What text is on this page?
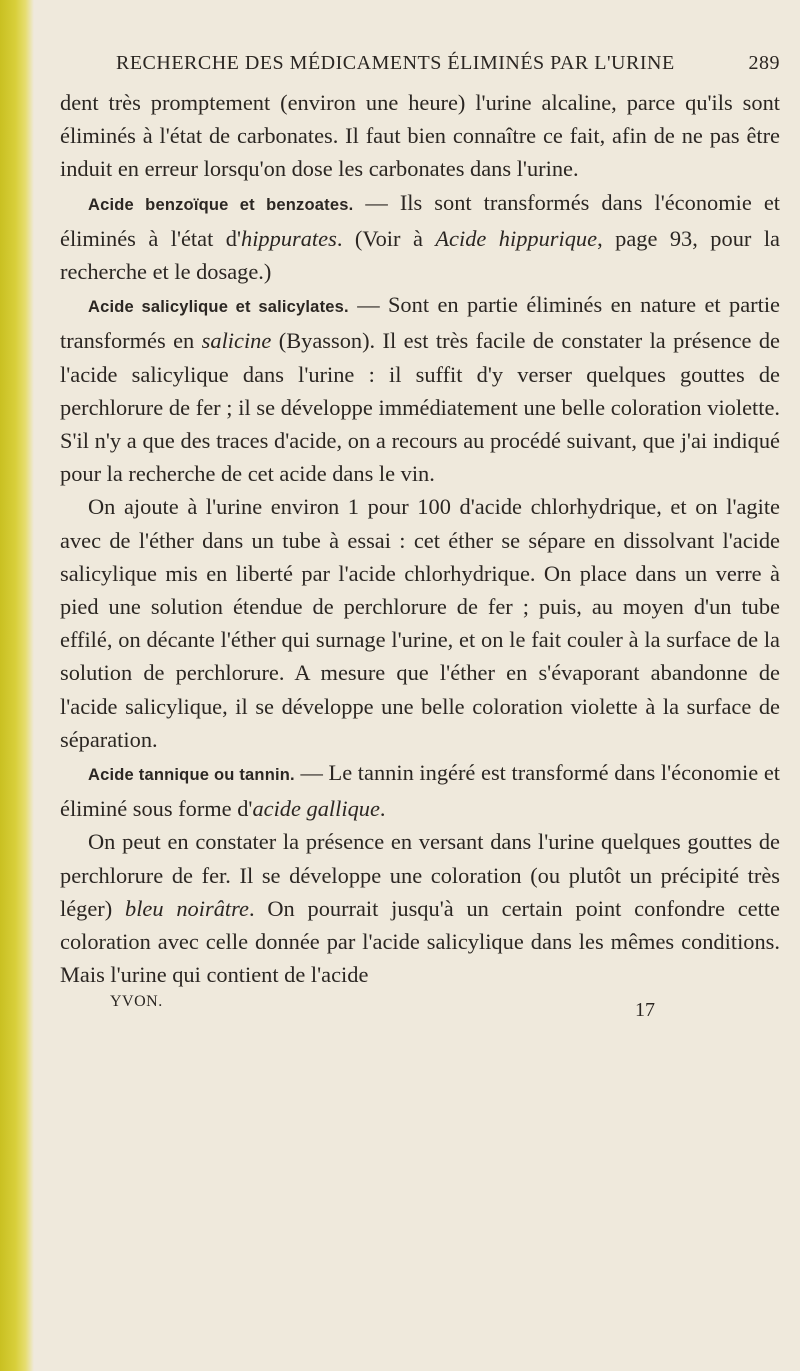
RECHERCHE DES MÉDICAMENTS ÉLIMINÉS PAR L'URINE	289

dent très promptement (environ une heure) l'urine alcaline, parce qu'ils sont éliminés à l'état de carbonates. Il faut bien connaître ce fait, afin de ne pas être induit en erreur lorsqu'on dose les carbonates dans l'urine.

Acide benzoïque et benzoates. — Ils sont transformés dans l'économie et éliminés à l'état d'hippurates. (Voir à Acide hippurique, page 93, pour la recherche et le dosage.)

Acide salicylique et salicylates. — Sont en partie éliminés en nature et partie transformés en salicine (Byasson). Il est très facile de constater la présence de l'acide salicylique dans l'urine : il suffit d'y verser quelques gouttes de perchlorure de fer ; il se développe immédiatement une belle coloration violette. S'il n'y a que des traces d'acide, on a recours au procédé suivant, que j'ai indiqué pour la recherche de cet acide dans le vin.

On ajoute à l'urine environ 1 pour 100 d'acide chlorhydrique, et on l'agite avec de l'éther dans un tube à essai : cet éther se sépare en dissolvant l'acide salicylique mis en liberté par l'acide chlorhydrique. On place dans un verre à pied une solution étendue de perchlorure de fer ; puis, au moyen d'un tube effilé, on décante l'éther qui surnage l'urine, et on le fait couler à la surface de la solution de perchlorure. A mesure que l'éther en s'évaporant abandonne de l'acide salicylique, il se développe une belle coloration violette à la surface de séparation.

Acide tannique ou tannin. — Le tannin ingéré est transformé dans l'économie et éliminé sous forme d'acide gallique.

On peut en constater la présence en versant dans l'urine quelques gouttes de perchlorure de fer. Il se développe une coloration (ou plutôt un précipité très léger) bleu noirâtre. On pourrait jusqu'à un certain point confondre cette coloration avec celle donnée par l'acide salicylique dans les mêmes conditions. Mais l'urine qui contient de l'acide

YVON.	17
